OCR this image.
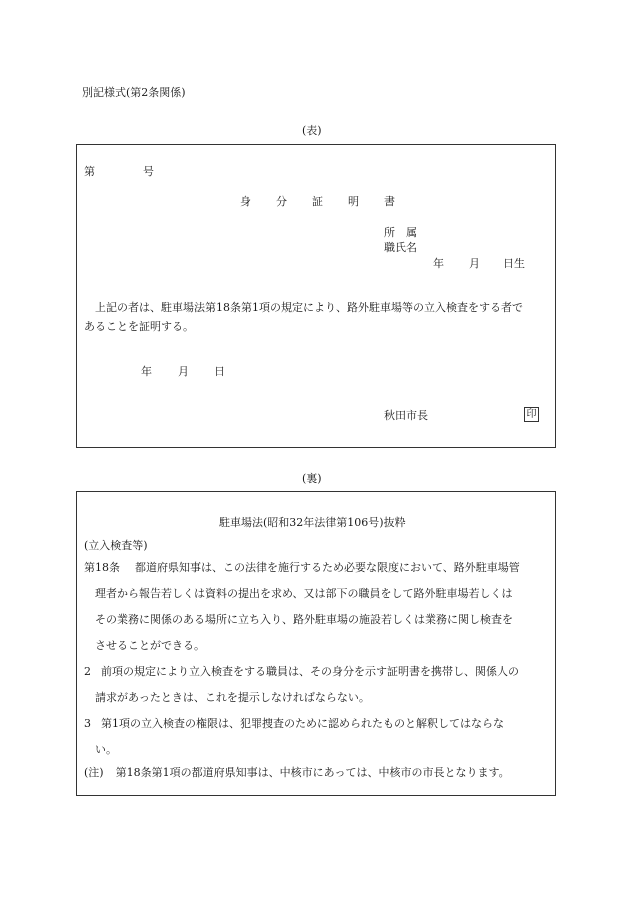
別記様式(第2条関係)
(表)
第	号
身 分 証 明 書
所　属
職氏名
年 月 日生
上記の者は、駐車場法第18条第1項の規定により、路外駐車場等の立入検査をする者で
あることを証明する。
年 月 日
秋田市長	印
(裏)
駐車場法(昭和32年法律第106号)抜粋
(立入検査等)
第18条 都道府県知事は、この法律を施行するため必要な限度において、路外駐車場管
理者から報告若しくは資料の提出を求め、又は部下の職員をして路外駐車場若しくは
その業務に関係のある場所に立ち入り、路外駐車場の施設若しくは業務に関し検査を
させることができる。
2 前項の規定により立入検査をする職員は、その身分を示す証明書を携帯し、関係人の
請求があったときは、これを提示しなければならない。
3 第1項の立入検査の権限は、犯罪捜査のために認められたものと解釈してはならな
い。
(注) 第18条第1項の都道府県知事は、中核市にあっては、中核市の市長となります。
